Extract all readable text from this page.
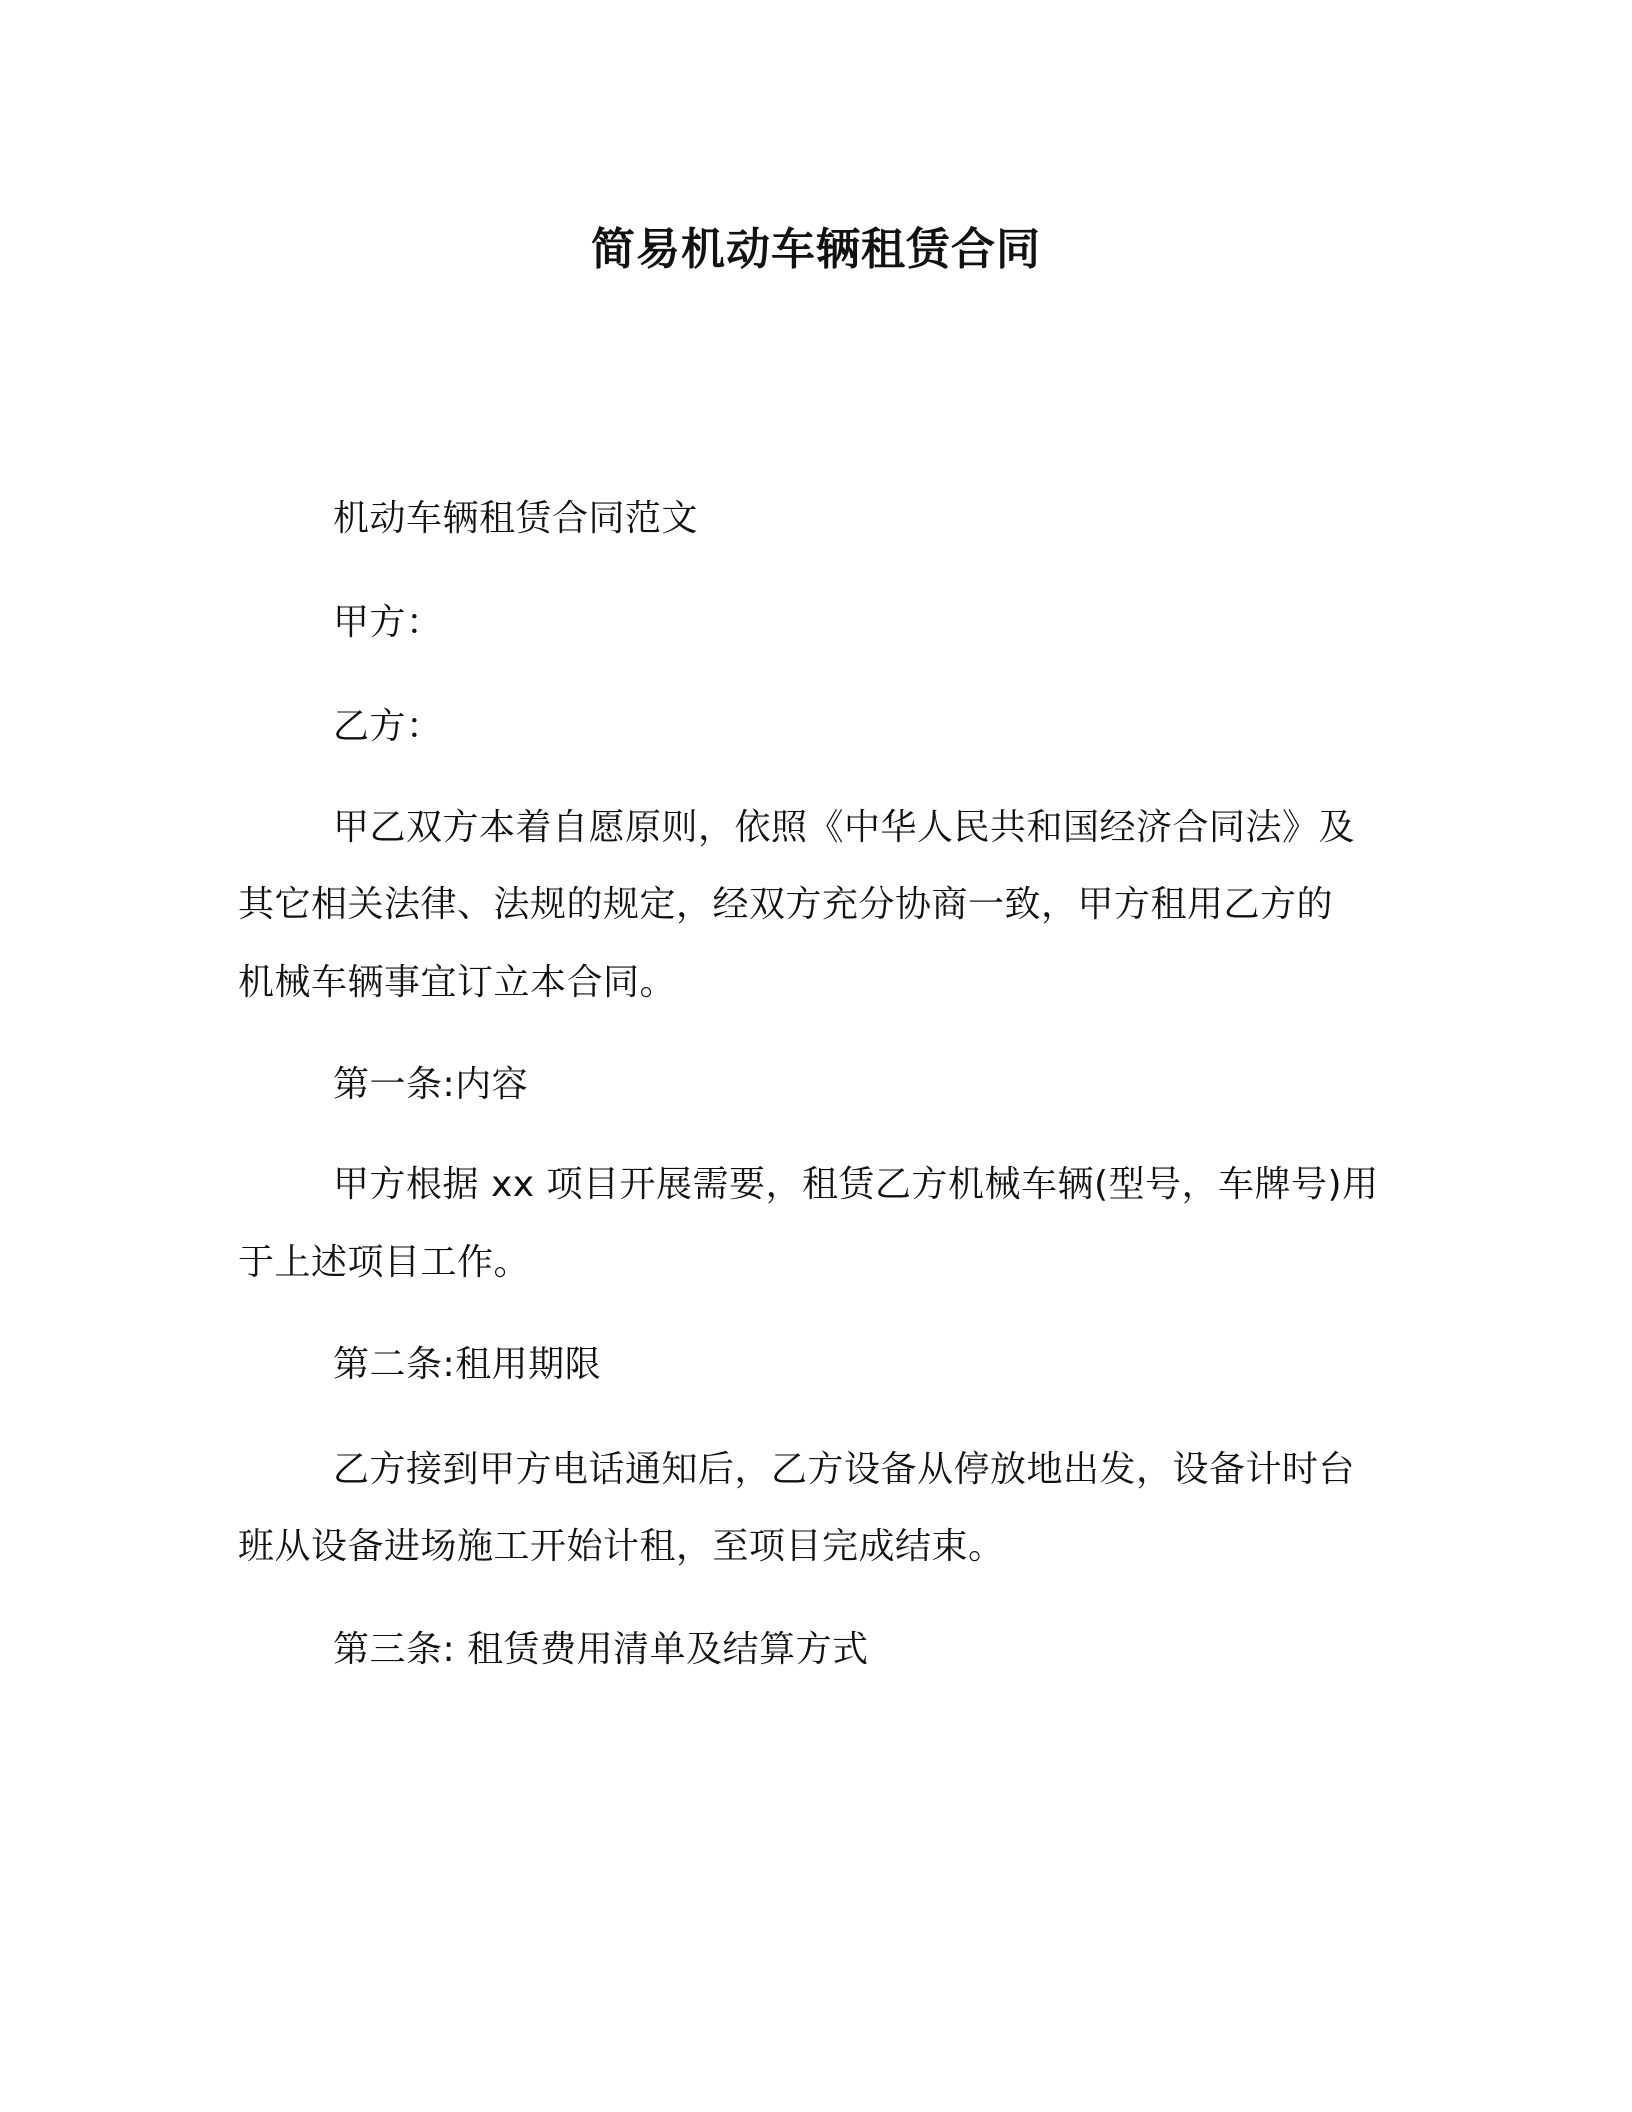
简易机动车辆租赁合同
机动车辆租赁合同范文
甲方：
乙方：
甲乙双方本着自愿原则，依照《中华人民共和国经济合同法》及
其它相关法律、法规的规定，经双方充分协商一致，甲方租用乙方的
机械车辆事宜订立本合同。
第一条:内容
甲方根据 xx 项目开展需要，租赁乙方机械车辆(型号，车牌号)用
于上述项目工作。
第二条:租用期限
乙方接到甲方电话通知后，乙方设备从停放地出发，设备计时台
班从设备进场施工开始计租，至项目完成结束。
第三条: 租赁费用清单及结算方式
